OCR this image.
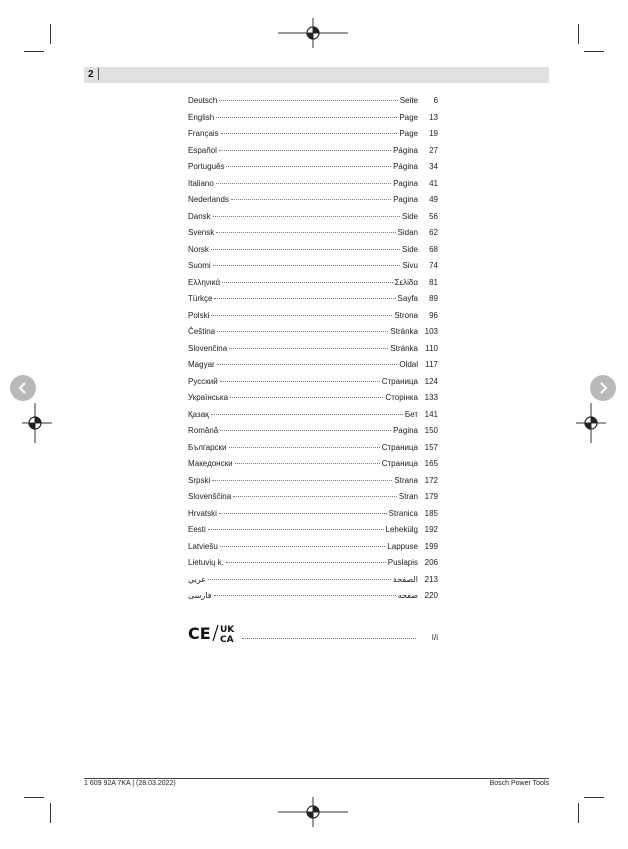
2
Deutsch	Seite	6
English	Page	13
Français	Page	19
Español	Página	27
Português	Página	34
Italiano	Pagina	41
Nederlands	Pagina	49
Dansk	Side	56
Svensk	Sidan	62
Norsk	Side	68
Suomi	Sivu	74
Ελληνικά	Σελίδα	81
Türkçe	Sayfa	89
Polski	Strona	96
Čeština	Stránka 103
Slovenčina	Stránka 110
Magyar	Oldal 117
Русский	Страница 124
Українська	Сторінка 133
Қазақ	Бет 141
Română	Pagina 150
Български	Страница 157
Македонски	Страница 165
Srpski	Strana 172
Slovenščina	Stran 179
Hrvatski	Stranica 185
Eesti	Lehekülg 192
Latviešu	Lappuse 199
Lietuvių k.	Puslapis 206
عربي	الصفحة 213
فارسی	صفحه 220
CE UK
CA	I/i
1 609 92A 7KA | (28.03.2022)	Bosch Power Tools
